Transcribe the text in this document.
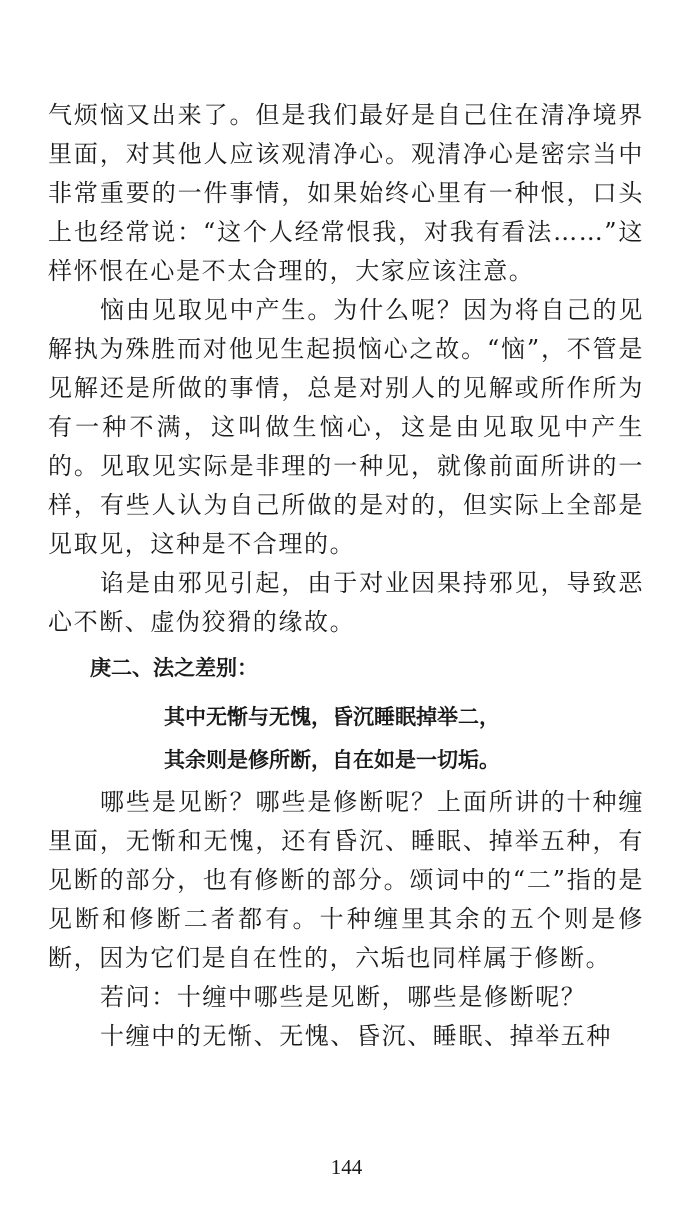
气烦恼又出来了。但是我们最好是自己住在清净境界里面，对其他人应该观清净心。观清净心是密宗当中非常重要的一件事情，如果始终心里有一种恨，口头上也经常说：“这个人经常恨我，对我有看法……”这样怀恨在心是不太合理的，大家应该注意。

恼由见取见中产生。为什么呢？因为将自己的见解执为殊胜而对他见生起损恼心之故。“恼”，不管是见解还是所做的事情，总是对别人的见解或所作所为有一种不满，这叫做生恼心，这是由见取见中产生的。见取见实际是非理的一种见，就像前面所讲的一样，有些人认为自己所做的是对的，但实际上全部是见取见，这种是不合理的。

谄是由邪见引起，由于对业因果持邪见，导致恶心不断、虚伪狡猾的缘故。

庚二、法之差别：

其中无惭与无愧，昏沉睡眠掉举二，

其余则是修所断，自在如是一切垢。

哪些是见断？哪些是修断呢？上面所讲的十种缠里面，无惭和无愧，还有昏沉、睡眠、掉举五种，有见断的部分，也有修断的部分。颂词中的“二”指的是见断和修断二者都有。十种缠里其余的五个则是修断，因为它们是自在性的，六垢也同样属于修断。

若问：十缠中哪些是见断，哪些是修断呢？

十缠中的无惭、无愧、昏沉、睡眠、掉举五种

144
